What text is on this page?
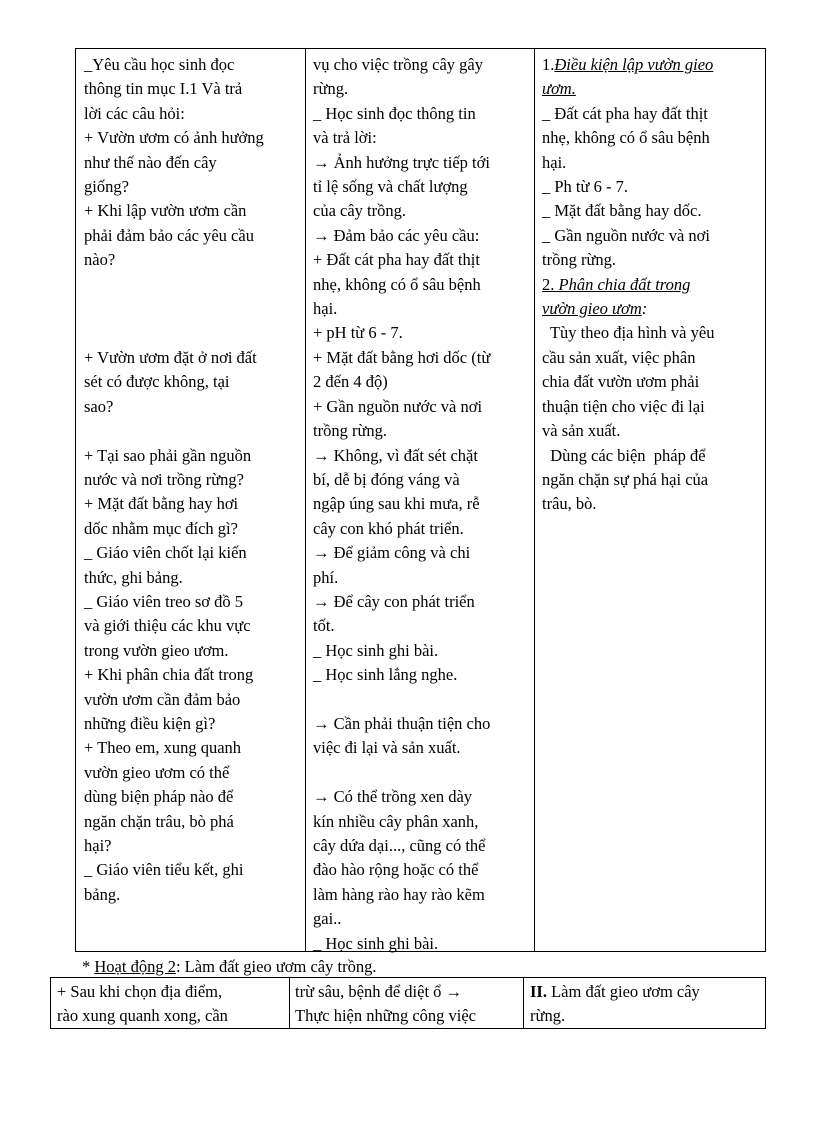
_Yêu cầu học sinh đọc
thông tin mục I.1 Và trả
lời các câu hỏi:
+ Vườn ươm có ảnh hưởng
như thế nào đến cây
giống?
+ Khi lập vườn ươm cần
phải đảm bảo các yêu cầu
nào?

+ Vườn ươm đặt ở nơi đất
sét có được không, tại
sao?

+ Tại sao phải gần nguồn
nước và nơi trồng rừng?
+ Mặt đất bằng hay hơi
dốc nhằm mục đích gì?
_ Giáo viên chốt lại kiến
thức, ghi bảng.
_ Giáo viên treo sơ đồ 5
và giới thiệu các khu vực
trong vườn gieo ươm.
+ Khi phân chia đất trong
vườn ươm cần đảm bảo
những điều kiện gì?
+ Theo em, xung quanh
vườn gieo ươm có thể
dùng biện pháp nào để
ngăn chặn trâu, bò phá
hại?
_ Giáo viên tiểu kết, ghi
bảng.
vụ cho việc trồng cây gây
rừng.
_ Học sinh đọc thông tin
và trả lời:
→ Ảnh hưởng trực tiếp tới
tỉ lệ sống và chất lượng
của cây trồng.
→ Đảm bảo các yêu cầu:
+ Đất cát pha hay đất thịt
nhẹ, không có ổ sâu bệnh
hại.
+ pH từ 6 - 7.
+ Mặt đất bằng hơi dốc (từ
2 đến 4 độ)
+ Gần nguồn nước và nơi
trồng rừng.
→ Không, vì đất sét chặt
bí, dễ bị đóng váng và
ngập úng sau khi mưa, rễ
cây con khó phát triển.
→ Để giảm công và chi
phí.
→ Để cây con phát triển
tốt.
_ Học sinh ghi bài.
_ Học sinh lắng nghe.

→ Cần phải thuận tiện cho
việc đi lại và sản xuất.

→ Có thể trồng xen dày
kín nhiều cây phân xanh,
cây dứa dại..., cũng có thể
đào hào rộng hoặc có thể
làm hàng rào hay rào kẽm
gai..
_ Học sinh ghi bài.
1.Điều kiện lập vườn gieo
ươm.
_ Đất cát pha hay đất thịt
nhẹ, không có ổ sâu bệnh
hại.
_ Ph từ 6 - 7.
_ Mặt đất bằng hay dốc.
_ Gần nguồn nước và nơi
trồng rừng.
2. Phân chia đất trong
vườn gieo ươm:
Tùy theo địa hình và yêu
cầu sản xuất, việc phân
chia đất vườn ươm phải
thuận tiện cho việc đi lại
và sản xuất.
Dùng các biện  pháp để
ngăn chặn sự phá hại của
trâu, bò.
* Hoạt động 2: Làm đất gieo ươm cây trồng.
+ Sau khi chọn địa điểm,
rào xung quanh xong, cần
trừ sâu, bệnh để diệt ổ →
Thực hiện những công việc
II. Làm đất gieo ươm cây
rừng.
